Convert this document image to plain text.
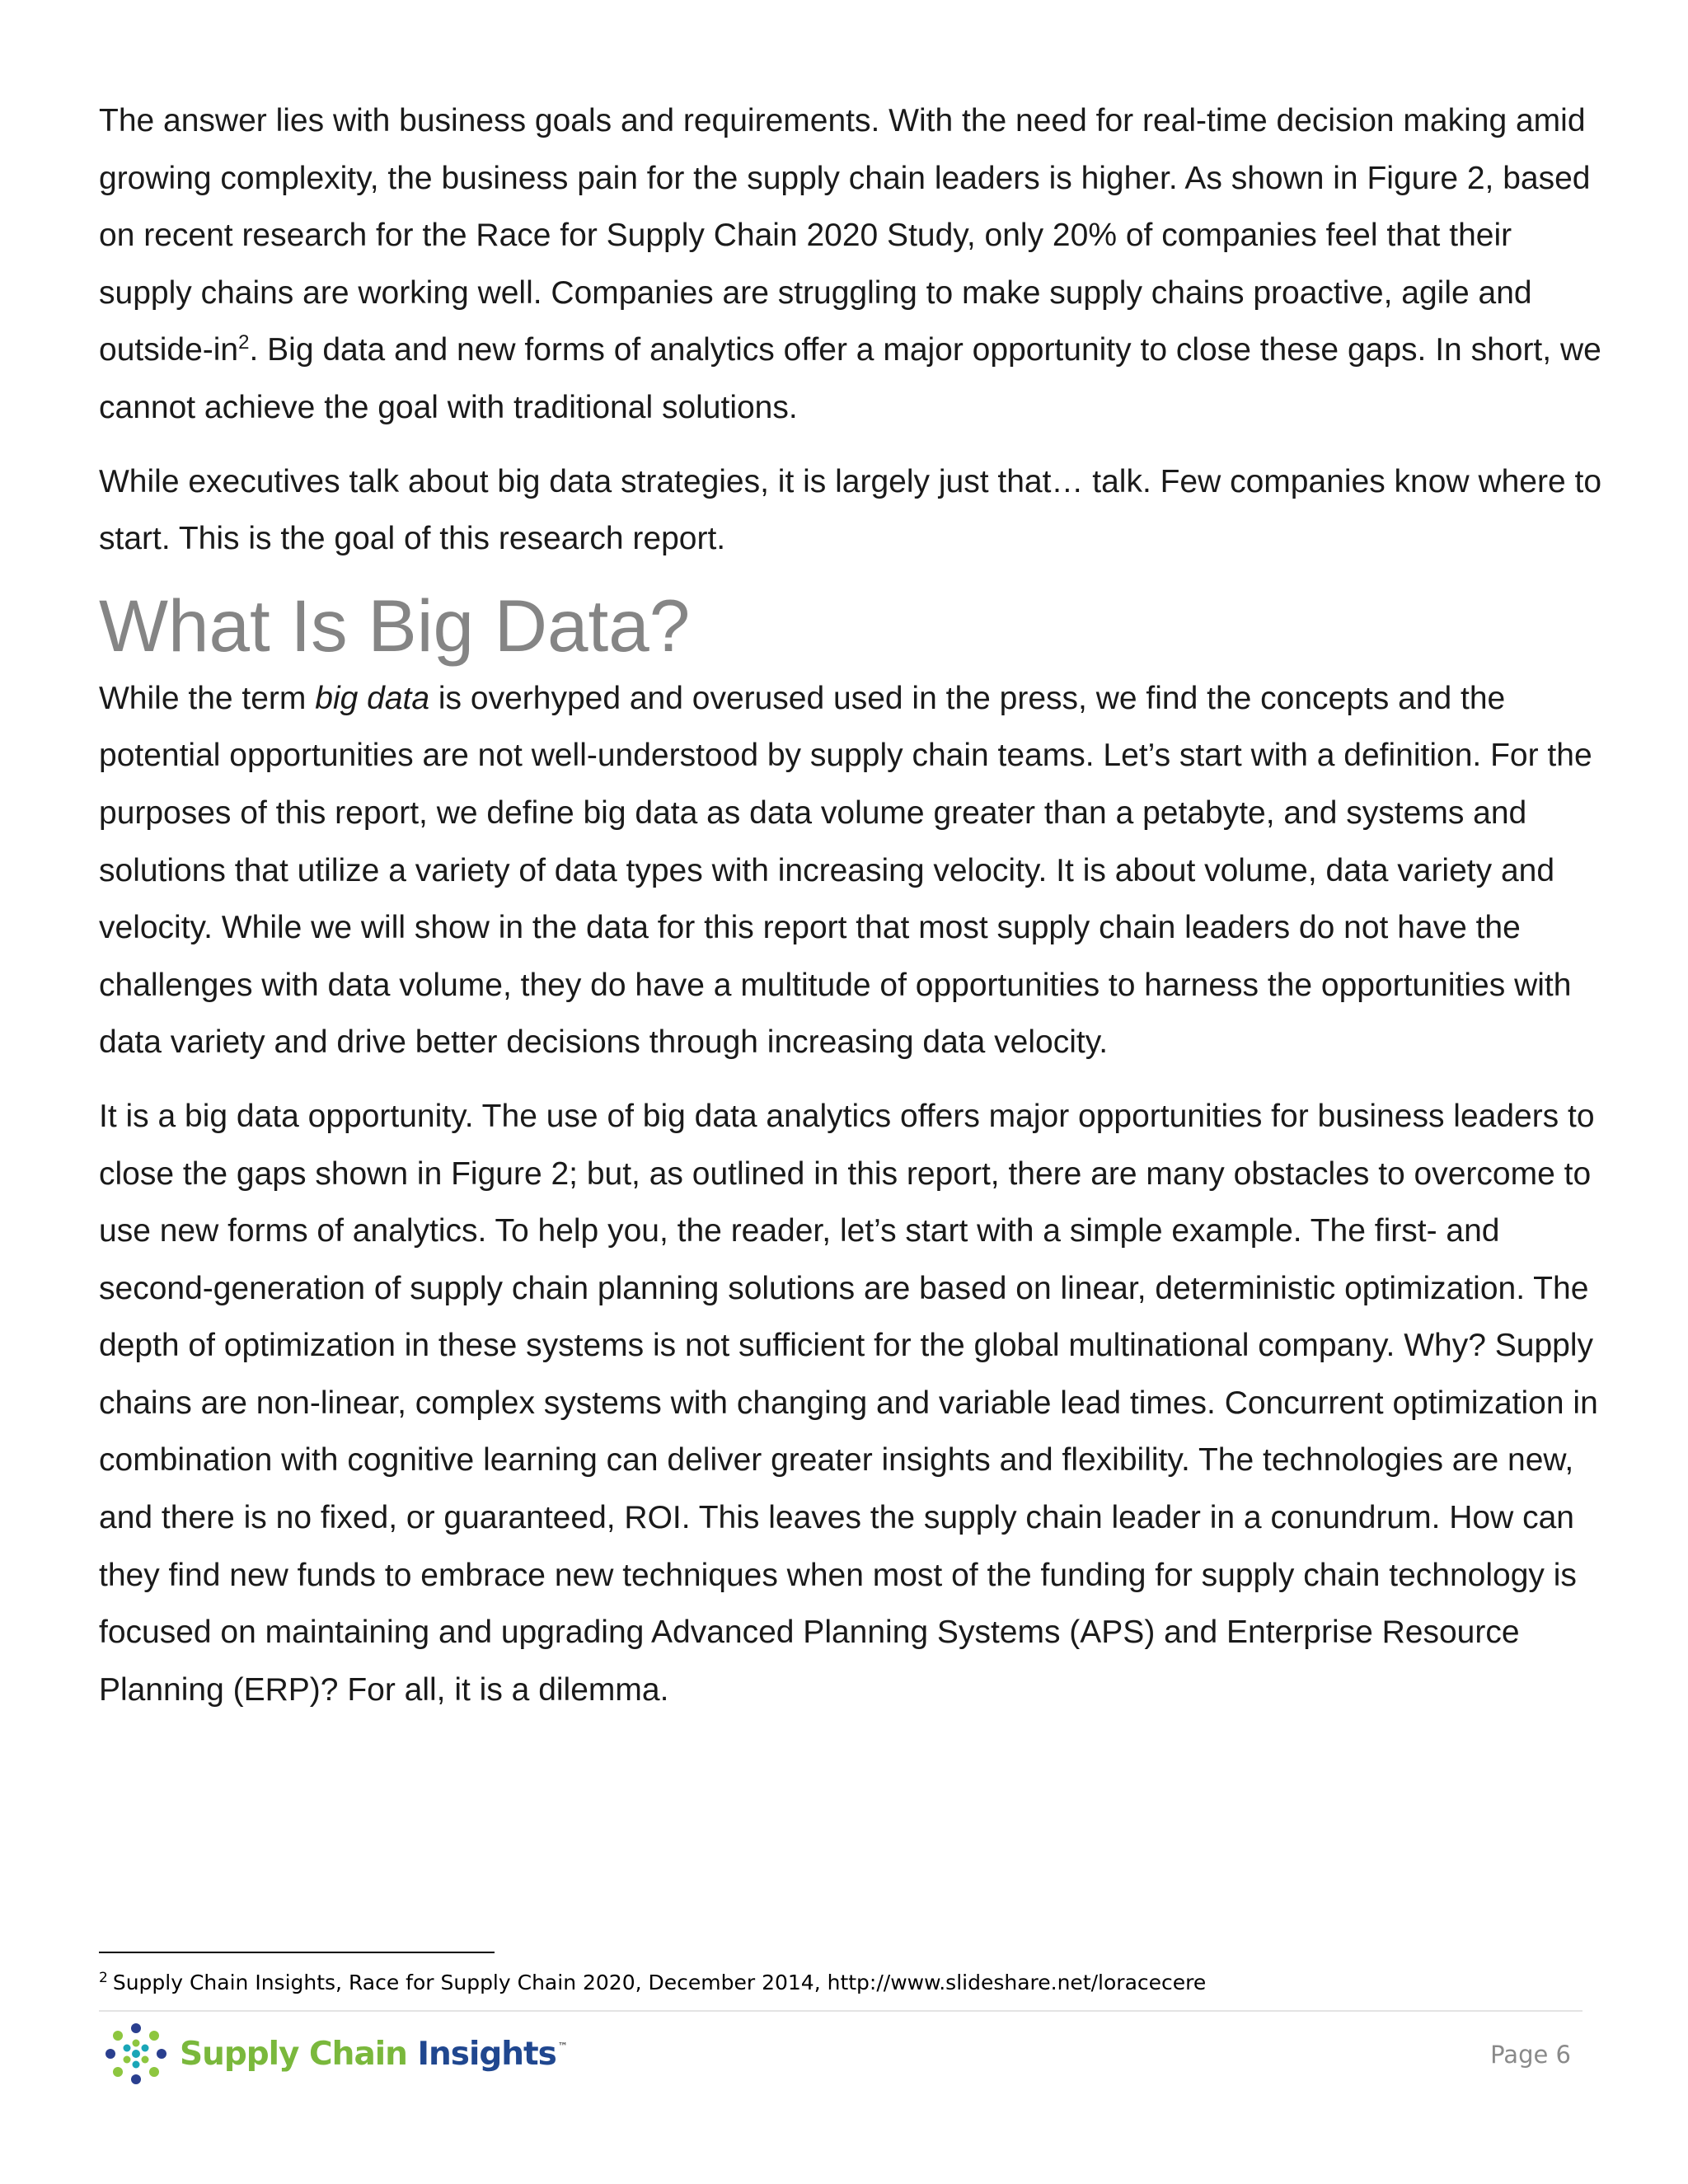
The answer lies with business goals and requirements. With the need for real-time decision making amid growing complexity, the business pain for the supply chain leaders is higher. As shown in Figure 2, based on recent research for the Race for Supply Chain 2020 Study, only 20% of companies feel that their supply chains are working well. Companies are struggling to make supply chains proactive, agile and outside-$in^2$. Big data and new forms of analytics offer a major opportunity to close these gaps. In short, we cannot achieve the goal with traditional solutions.

While executives talk about big data strategies, it is largely just that… talk. Few companies know where to start. This is the goal of this research report.

What Is Big Data?

While the term big data is overhyped and overused used in the press, we find the concepts and the potential opportunities are not well-understood by supply chain teams. Let’s start with a definition. For the purposes of this report, we define big data as data volume greater than a petabyte, and systems and solutions that utilize a variety of data types with increasing velocity. It is about volume, data variety and velocity. While we will show in the data for this report that most supply chain leaders do not have the challenges with data volume, they do have a multitude of opportunities to harness the opportunities with data variety and drive better decisions through increasing data velocity.

It is a big data opportunity. The use of big data analytics offers major opportunities for business leaders to close the gaps shown in Figure 2; but, as outlined in this report, there are many obstacles to overcome to use new forms of analytics. To help you, the reader, let’s start with a simple example. The first- and second-generation of supply chain planning solutions are based on linear, deterministic optimization. The depth of optimization in these systems is not sufficient for the global multinational company. Why? Supply chains are non-linear, complex systems with changing and variable lead times. Concurrent optimization in combination with cognitive learning can deliver greater insights and flexibility. The technologies are new, and there is no fixed, or guaranteed, ROI. This leaves the supply chain leader in a conundrum. How can they find new funds to embrace new techniques when most of the funding for supply chain technology is focused on maintaining and upgrading Advanced Planning Systems (APS) and Enterprise Resource Planning (ERP)? For all, it is a dilemma.

$^2$ Supply Chain Insights, Race for Supply Chain 2020, December 2014, http://www.slideshare.net/loracecere
Supply Chain Insights ™	Page 6
